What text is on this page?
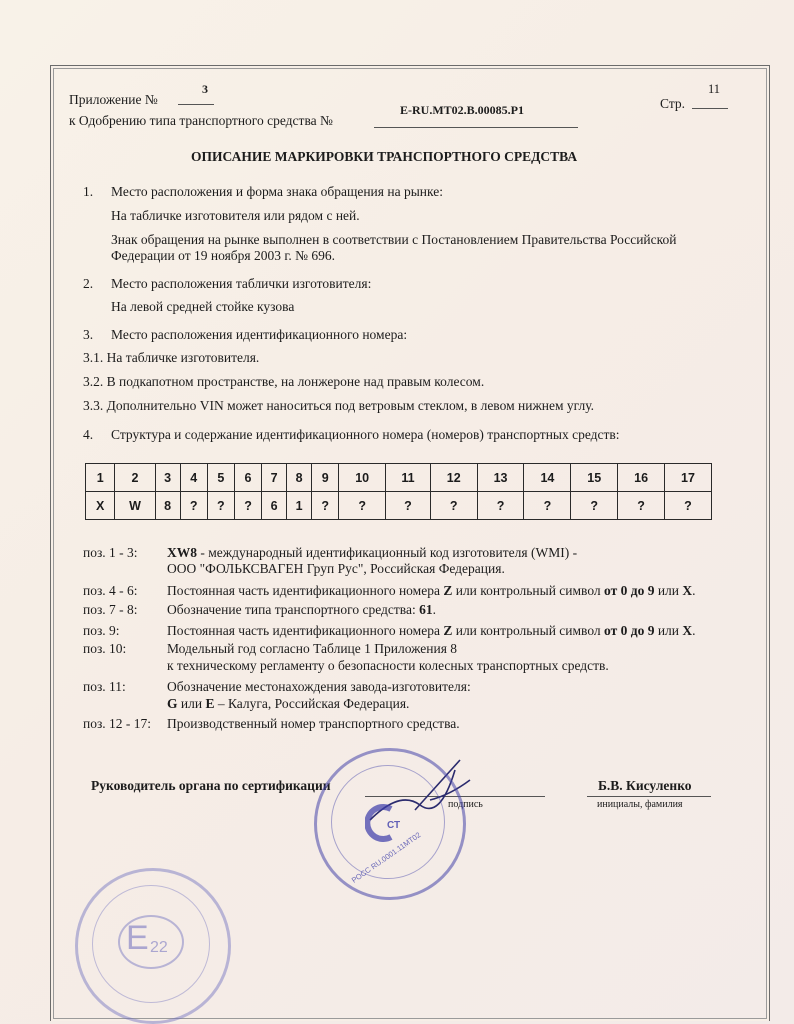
Приложение №
3
к Одобрению типа транспортного средства №
E-RU.MT02.B.00085.P1	Стр.
11
ОПИСАНИЕ МАРКИРОВКИ ТРАНСПОРТНОГО СРЕДСТВА
1. Место расположения и форма знака обращения на рынке:
На табличке изготовителя или рядом с ней.
Знак обращения на рынке выполнен в соответствии с Постановлением Правительства Российской
Федерации от 19 ноября 2003 г. № 696.
2. Место расположения таблички изготовителя:
На левой средней стойке кузова
3. Место расположения идентификационного номера:
3.1. На табличке изготовителя.
3.2. В подкапотном пространстве, на лонжероне над правым колесом.
3.3. Дополнительно VIN может наноситься под ветровым стеклом, в левом нижнем углу.
4. Структура и содержание идентификационного номера (номеров) транспортных средств:
1	2	3	4	5	6	7	8	9	10	11	12	13	14	15	16	17
X	W	8	?	?	?	6	1	?	?	?	?	?	?	?	?	?
поз. 1 - 3: XW8 - международный идентификационный код изготовителя (WMI) -
ООО "ФОЛЬКСВАГЕН Груп Рус", Российская Федерация.
поз. 4 - 6: Постоянная часть идентификационного номера Z или контрольный символ от 0 до 9 или X.
поз. 7 - 8: Обозначение типа транспортного средства: 61.
поз. 9:	Постоянная часть идентификационного номера Z или контрольный символ от 0 до 9 или X.
поз. 10:	Модельный год согласно Таблице 1 Приложения 8
к техническому регламенту о безопасности колесных транспортных средств.
поз. 11:	Обозначение местонахождения завода-изготовителя:
G или E – Калуга, Российская Федерация.
поз. 12 - 17: Производственный номер транспортного средства.
Руководитель органа по сертификации
подпись
Б.В. Кисуленко
инициалы, фамилия
СТ
РОСС RU.0001.11МТ02
E 22
